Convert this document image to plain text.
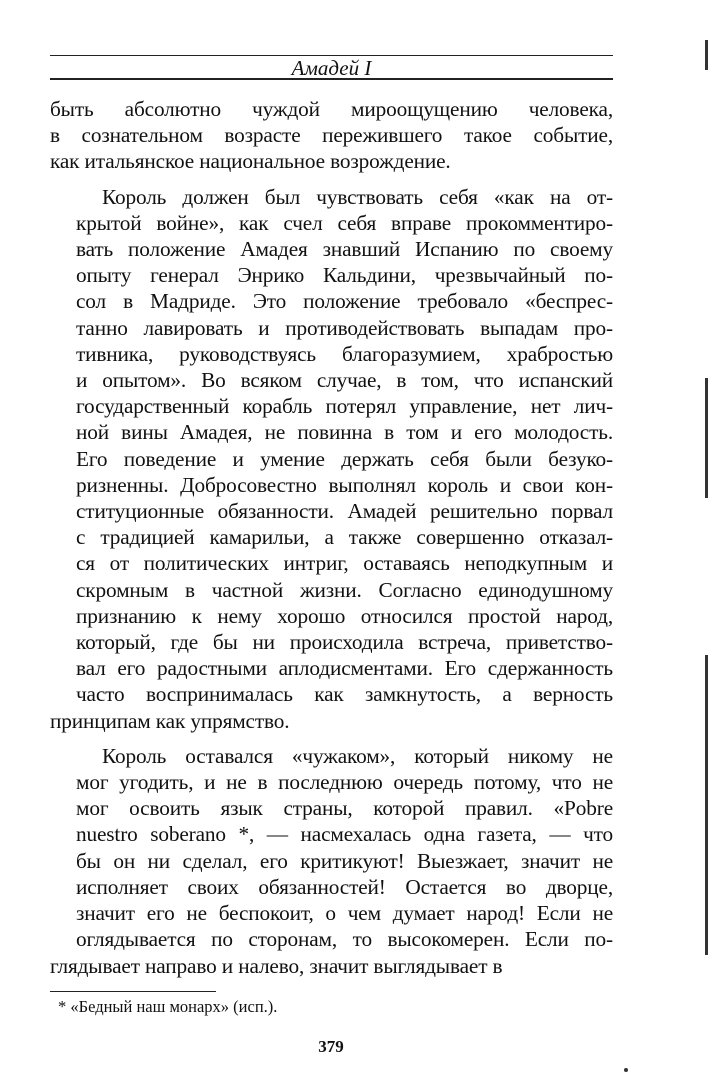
Амадей I

быть абсолютно чуждой мироощущению человека,
в сознательном возрасте пережившего такое событие,
как итальянское национальное возрождение.

Король должен был чувствовать себя «как на от-
крытой войне», как счел себя вправе прокомментиро-
вать положение Амадея знавший Испанию по своему
опыту генерал Энрико Кальдини, чрезвычайный по-
сол в Мадриде. Это положение требовало «беспрес-
танно лавировать и противодействовать выпадам про-
тивника, руководствуясь благоразумием, храбростью
и опытом». Во всяком случае, в том, что испанский
государственный корабль потерял управление, нет лич-
ной вины Амадея, не повинна в том и его молодость.
Его поведение и умение держать себя были безуко-
ризненны. Добросовестно выполнял король и свои кон-
ституционные обязанности. Амадей решительно порвал
с традицией камарильи, а также совершенно отказал-
ся от политических интриг, оставаясь неподкупным и
скромным в частной жизни. Согласно единодушному
признанию к нему хорошо относился простой народ,
который, где бы ни происходила встреча, приветство-
вал его радостными аплодисментами. Его сдержанность
часто воспринималась как замкнутость, а верность
принципам как упрямство.

Король оставался «чужаком», который никому не
мог угодить, и не в последнюю очередь потому, что не
мог освоить язык страны, которой правил. «Pobre
nuestro soberano *, — насмехалась одна газета, — что
бы он ни сделал, его критикуют! Выезжает, значит не
исполняет своих обязанностей! Остается во дворце,
значит его не беспокоит, о чем думает народ! Если не
оглядывается по сторонам, то высокомерен. Если по-
глядывает направо и налево, значит выглядывает в

* «Бедный наш монарх» (исп.).
379
